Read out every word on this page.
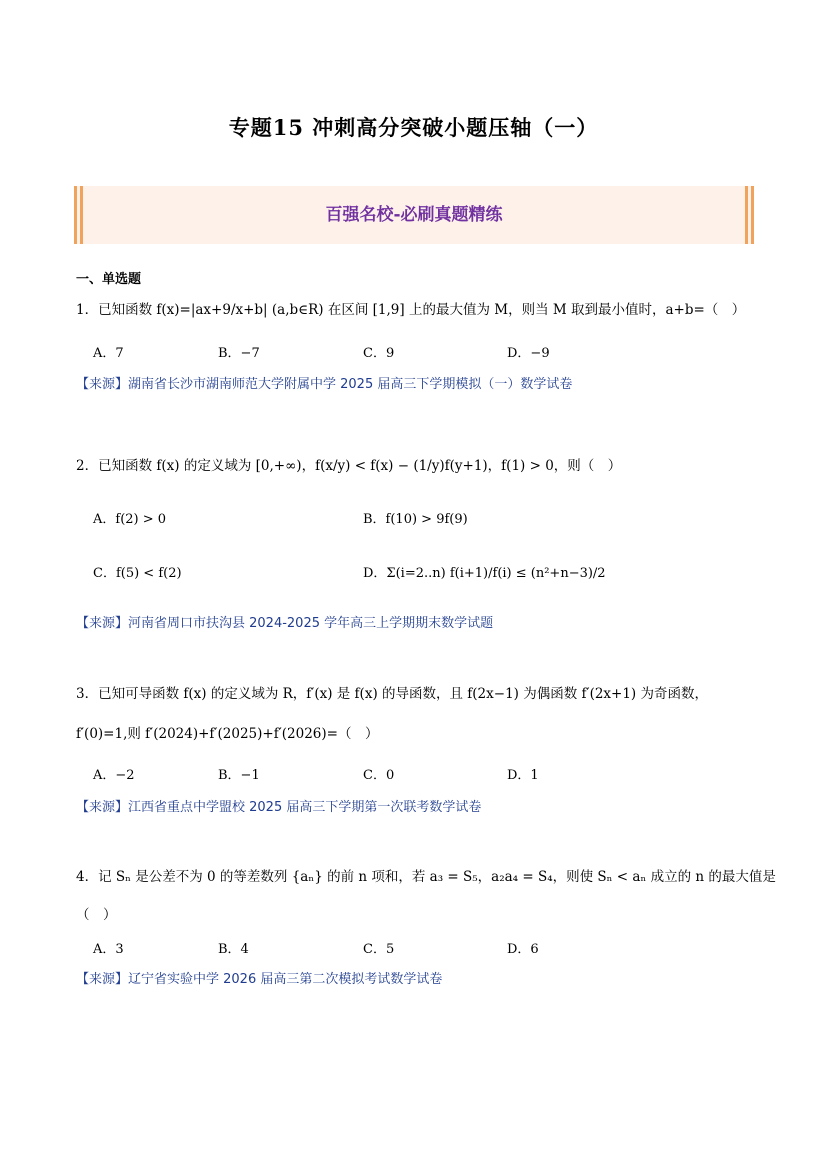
专题15 冲刺高分突破小题压轴（一）
百强名校-必刷真题精练
一、单选题
1．已知函数 f(x)=|ax+9/x+b| (a,b∈R) 在区间 [1,9] 上的最大值为 M，则当 M 取到最小值时，a+b=（　）
A．7	B．−7	C．9	D．−9
【来源】湖南省长沙市湖南师范大学附属中学 2025 届高三下学期模拟（一）数学试卷
2．已知函数 f(x) 的定义域为 [0,+∞)，f(x/y) < f(x) − (1/y)f(y+1)，f(1) > 0，则（　）
A．f(2) > 0	B．f(10) > 9f(9)
C．f(5) < f(2)	D．Σ(i=2..n) f(i+1)/f(i) ≤ (n²+n−3)/2
【来源】河南省周口市扶沟县 2024-2025 学年高三上学期期末数学试题
3．已知可导函数 f(x) 的定义域为 R，f′(x) 是 f(x) 的导函数，且 f(2x−1) 为偶函数 f′(2x+1) 为奇函数，
f′(0)=1,则 f′(2024)+f′(2025)+f′(2026)=（　）
A．−2	B．−1	C．0	D．1
【来源】江西省重点中学盟校 2025 届高三下学期第一次联考数学试卷
4．记 Sₙ 是公差不为 0 的等差数列 {aₙ} 的前 n 项和，若 a₃ = S₅，a₂a₄ = S₄，则使 Sₙ < aₙ 成立的 n 的最大值是
（　）
A．3	B．4	C．5	D．6
【来源】辽宁省实验中学 2026 届高三第二次模拟考试数学试卷
